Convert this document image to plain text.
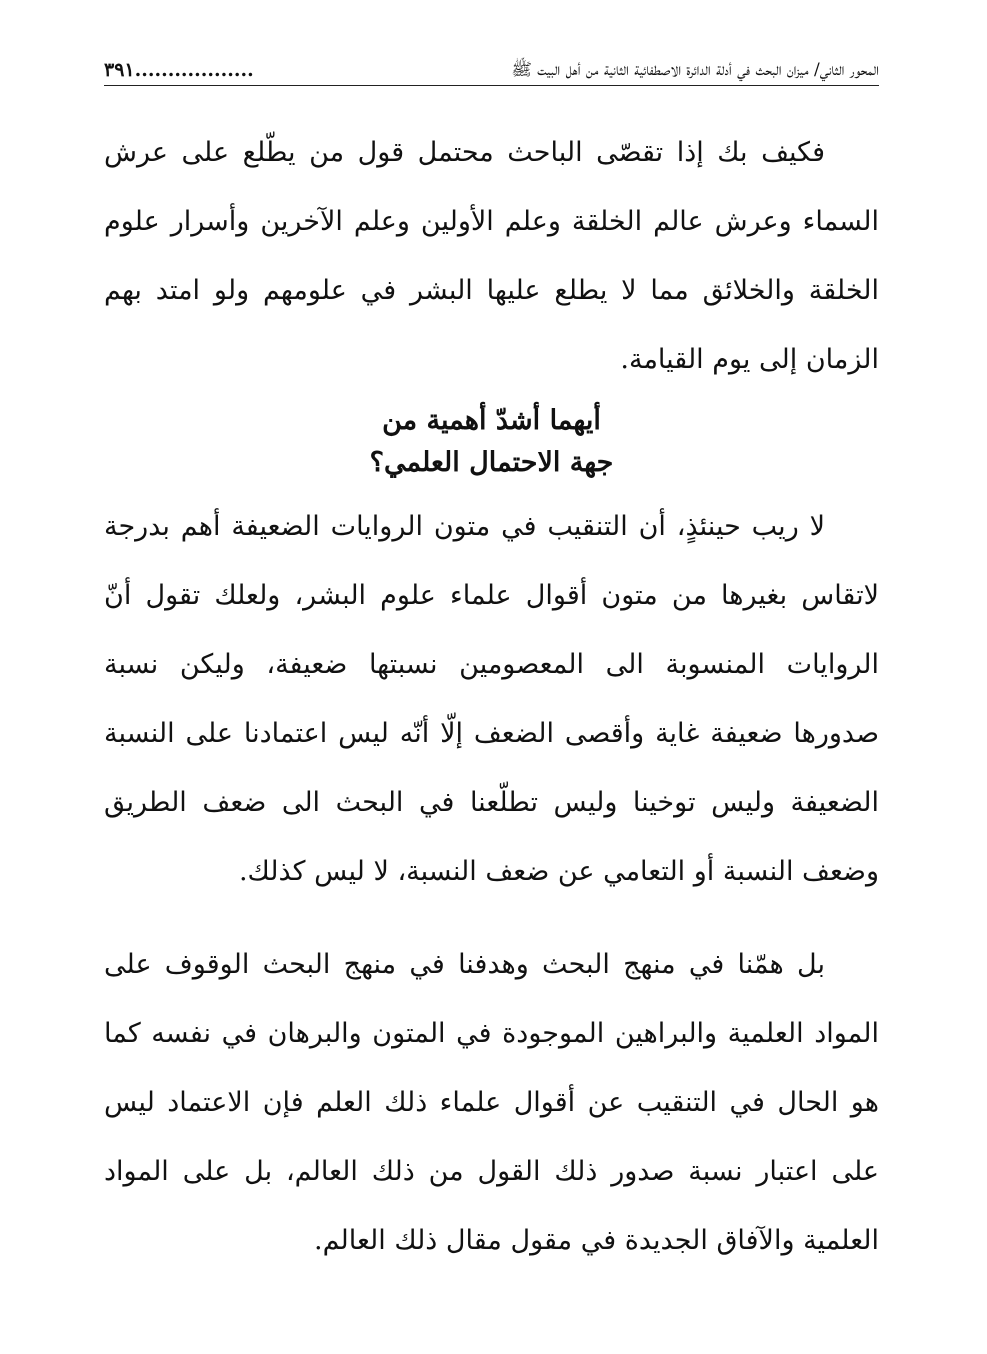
المحور الثاني/ ميزان البحث في أدلة الدائرة الاصطفائية الثانية من أهل البيت ﷺ
٣٩١..................

فكيف بك إذا تقصّى الباحث محتمل قول من يطّلع على عرش السماء وعرش عالم الخلقة وعلم الأولين وعلم الآخرين وأسرار علوم الخلقة والخلائق مما لا يطلع عليها البشر في علومهم ولو امتد بهم الزمان إلى يوم القيامة.

أيهما أشدّ أهمية من
جهة الاحتمال العلمي؟

لا ريب حينئذٍ، أن التنقيب في متون الروايات الضعيفة أهم بدرجة لاتقاس بغيرها من متون أقوال علماء علوم البشر، ولعلك تقول أنّ الروايات المنسوبة الى المعصومين نسبتها ضعيفة، وليكن نسبة صدورها ضعيفة غاية وأقصى الضعف إلّا أنّه ليس اعتمادنا على النسبة الضعيفة وليس توخينا وليس تطلّعنا في البحث الى ضعف الطريق وضعف النسبة أو التعامي عن ضعف النسبة، لا ليس كذلك.

بل همّنا في منهج البحث وهدفنا في منهج البحث الوقوف على المواد العلمية والبراهين الموجودة في المتون والبرهان في نفسه كما هو الحال في التنقيب عن أقوال علماء ذلك العلم فإن الاعتماد ليس على اعتبار نسبة صدور ذلك القول من ذلك العالم، بل على المواد العلمية والآفاق الجديدة في مقول مقال ذلك العالم.
